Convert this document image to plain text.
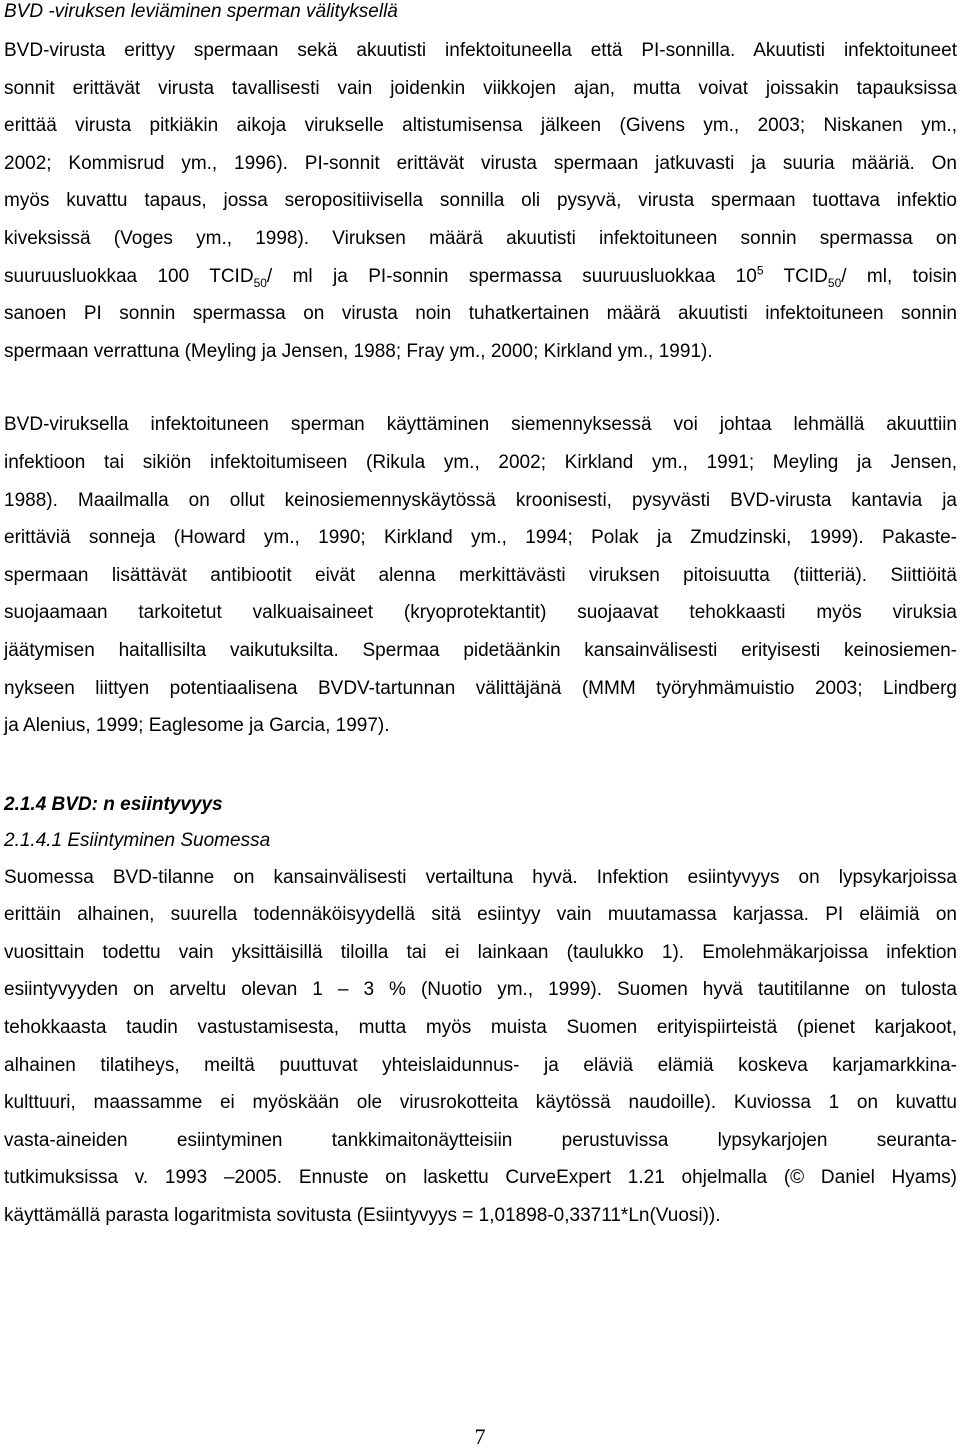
BVD -viruksen leviäminen sperman välityksellä

BVD-virusta erittyy spermaan sekä akuutisti infektoituneella että PI-sonnilla. Akuutisti infektoituneet
sonnit erittävät virusta tavallisesti vain joidenkin viikkojen ajan, mutta voivat joissakin tapauksissa
erittää virusta pitkiäkin aikoja virukselle altistumisensa jälkeen (Givens ym., 2003; Niskanen ym.,
2002; Kommisrud ym., 1996). PI-sonnit erittävät virusta spermaan jatkuvasti ja suuria määriä. On
myös kuvattu tapaus, jossa seropositiivisella sonnilla oli pysyvä, virusta spermaan tuottava infektio
kiveksissä (Voges ym., 1998). Viruksen määrä akuutisti infektoituneen sonnin spermassa on
suuruusluokkaa 100 $TCID_{50}/$ ml ja PI-sonnin spermassa suuruusluokkaa $10^5$ $TCID_{50}/$ ml, toisin
sanoen PI sonnin spermassa on virusta noin tuhatkertainen määrä akuutisti infektoituneen sonnin
spermaan verrattuna (Meyling ja Jensen, 1988; Fray ym., 2000; Kirkland ym., 1991).
BVD-viruksella infektoituneen sperman käyttäminen siemennyksessä voi johtaa lehmällä akuuttiin
infektioon tai sikiön infektoitumiseen (Rikula ym., 2002; Kirkland ym., 1991; Meyling ja Jensen,
1988). Maailmalla on ollut keinosiemennyskäytössä kroonisesti, pysyvästi BVD-virusta kantavia ja
erittäviä sonneja (Howard ym., 1990; Kirkland ym., 1994; Polak ja Zmudzinski, 1999). Pakaste-
spermaan lisättävät antibiootit eivät alenna merkittävästi viruksen pitoisuutta (tiitteriä). Siittiöitä
suojaamaan tarkoitetut valkuaisaineet (kryoprotektantit) suojaavat tehokkaasti myös viruksia
jäätymisen haitallisilta vaikutuksilta. Spermaa pidetäänkin kansainvälisesti erityisesti keinosiemen-
nykseen liittyen potentiaalisena BVDV-tartunnan välittäjänä (MMM työryhmämuistio 2003; Lindberg
ja Alenius, 1999; Eaglesome ja Garcia, 1997).

2.1.4 BVD: n esiintyvyys

2.1.4.1 Esiintyminen Suomessa

Suomessa BVD-tilanne on kansainvälisesti vertailtuna hyvä. Infektion esiintyvyys on lypsykarjoissa
erittäin alhainen, suurella todennäköisyydellä sitä esiintyy vain muutamassa karjassa. PI eläimiä on
vuosittain todettu vain yksittäisillä tiloilla tai ei lainkaan (taulukko 1). Emolehmäkarjoissa infektion
esiintyvyyden on arveltu olevan 1 – 3 % (Nuotio ym., 1999). Suomen hyvä tautitilanne on tulosta
tehokkaasta taudin vastustamisesta, mutta myös muista Suomen erityispiirteistä (pienet karjakoot,
alhainen tilatiheys, meiltä puuttuvat yhteislaidunnus- ja eläviä elämiä koskeva karjamarkkina-
kulttuuri, maassamme ei myöskään ole virusrokotteita käytössä naudoille). Kuviossa 1 on kuvattu
vasta-aineiden esiintyminen tankkimaitonäytteisiin perustuvissa lypsykarjojen seuranta-
tutkimuksissa v. 1993 –2005. Ennuste on laskettu CurveExpert 1.21 ohjelmalla (© Daniel Hyams)
käyttämällä parasta logaritmista sovitusta (Esiintyvyys = 1,01898-0,33711*Ln(Vuosi)).
7
